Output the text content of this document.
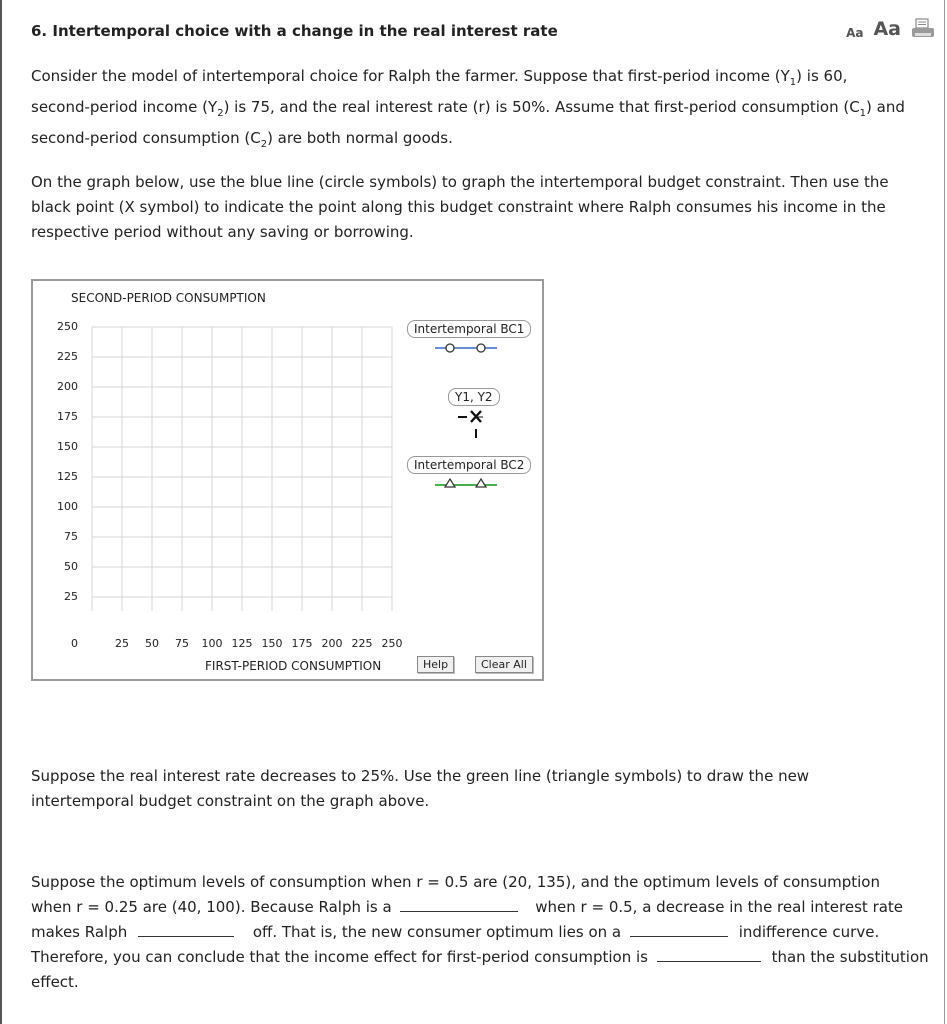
6. Intertemporal choice with a change in the real interest rate	Aa Aa
Consider the model of intertemporal choice for Ralph the farmer. Suppose that first-period income $(Y_1)$ is 60,
second-period income $(Y_2)$ is 75, and the real interest rate (r) is 50%. Assume that first-period consumption $(C_1)$ and
second-period consumption $(C_2)$ are both normal goods.
On the graph below, use the blue line (circle symbols) to graph the intertemporal budget constraint. Then use the
black point (X symbol) to indicate the point along this budget constraint where Ralph consumes his income in the
respective period without any saving or borrowing.
SECOND-PERIOD CONSUMPTION
250
225
200
175
150
125
100
75
50
25
25	50	75	100 125 150 175 200 225 250
0
FIRST-PERIOD CONSUMPTION
Intertemporal BC1
Y1, Y2
Intertemporal BC2
Help	Clear All
Suppose the real interest rate decreases to 25%. Use the green line (triangle symbols) to draw the new
intertemporal budget constraint on the graph above.
Suppose the optimum levels of consumption when r = 0.5 are (20, 135), and the optimum levels of consumption
when r = 0.25 are (40, 100). Because Ralph is a	when r = 0.5, a decrease in the real interest rate
makes Ralph	off. That is, the new consumer optimum lies on a	indifference curve.
Therefore, you can conclude that the income effect for first-period consumption is	than the substitution
effect.
